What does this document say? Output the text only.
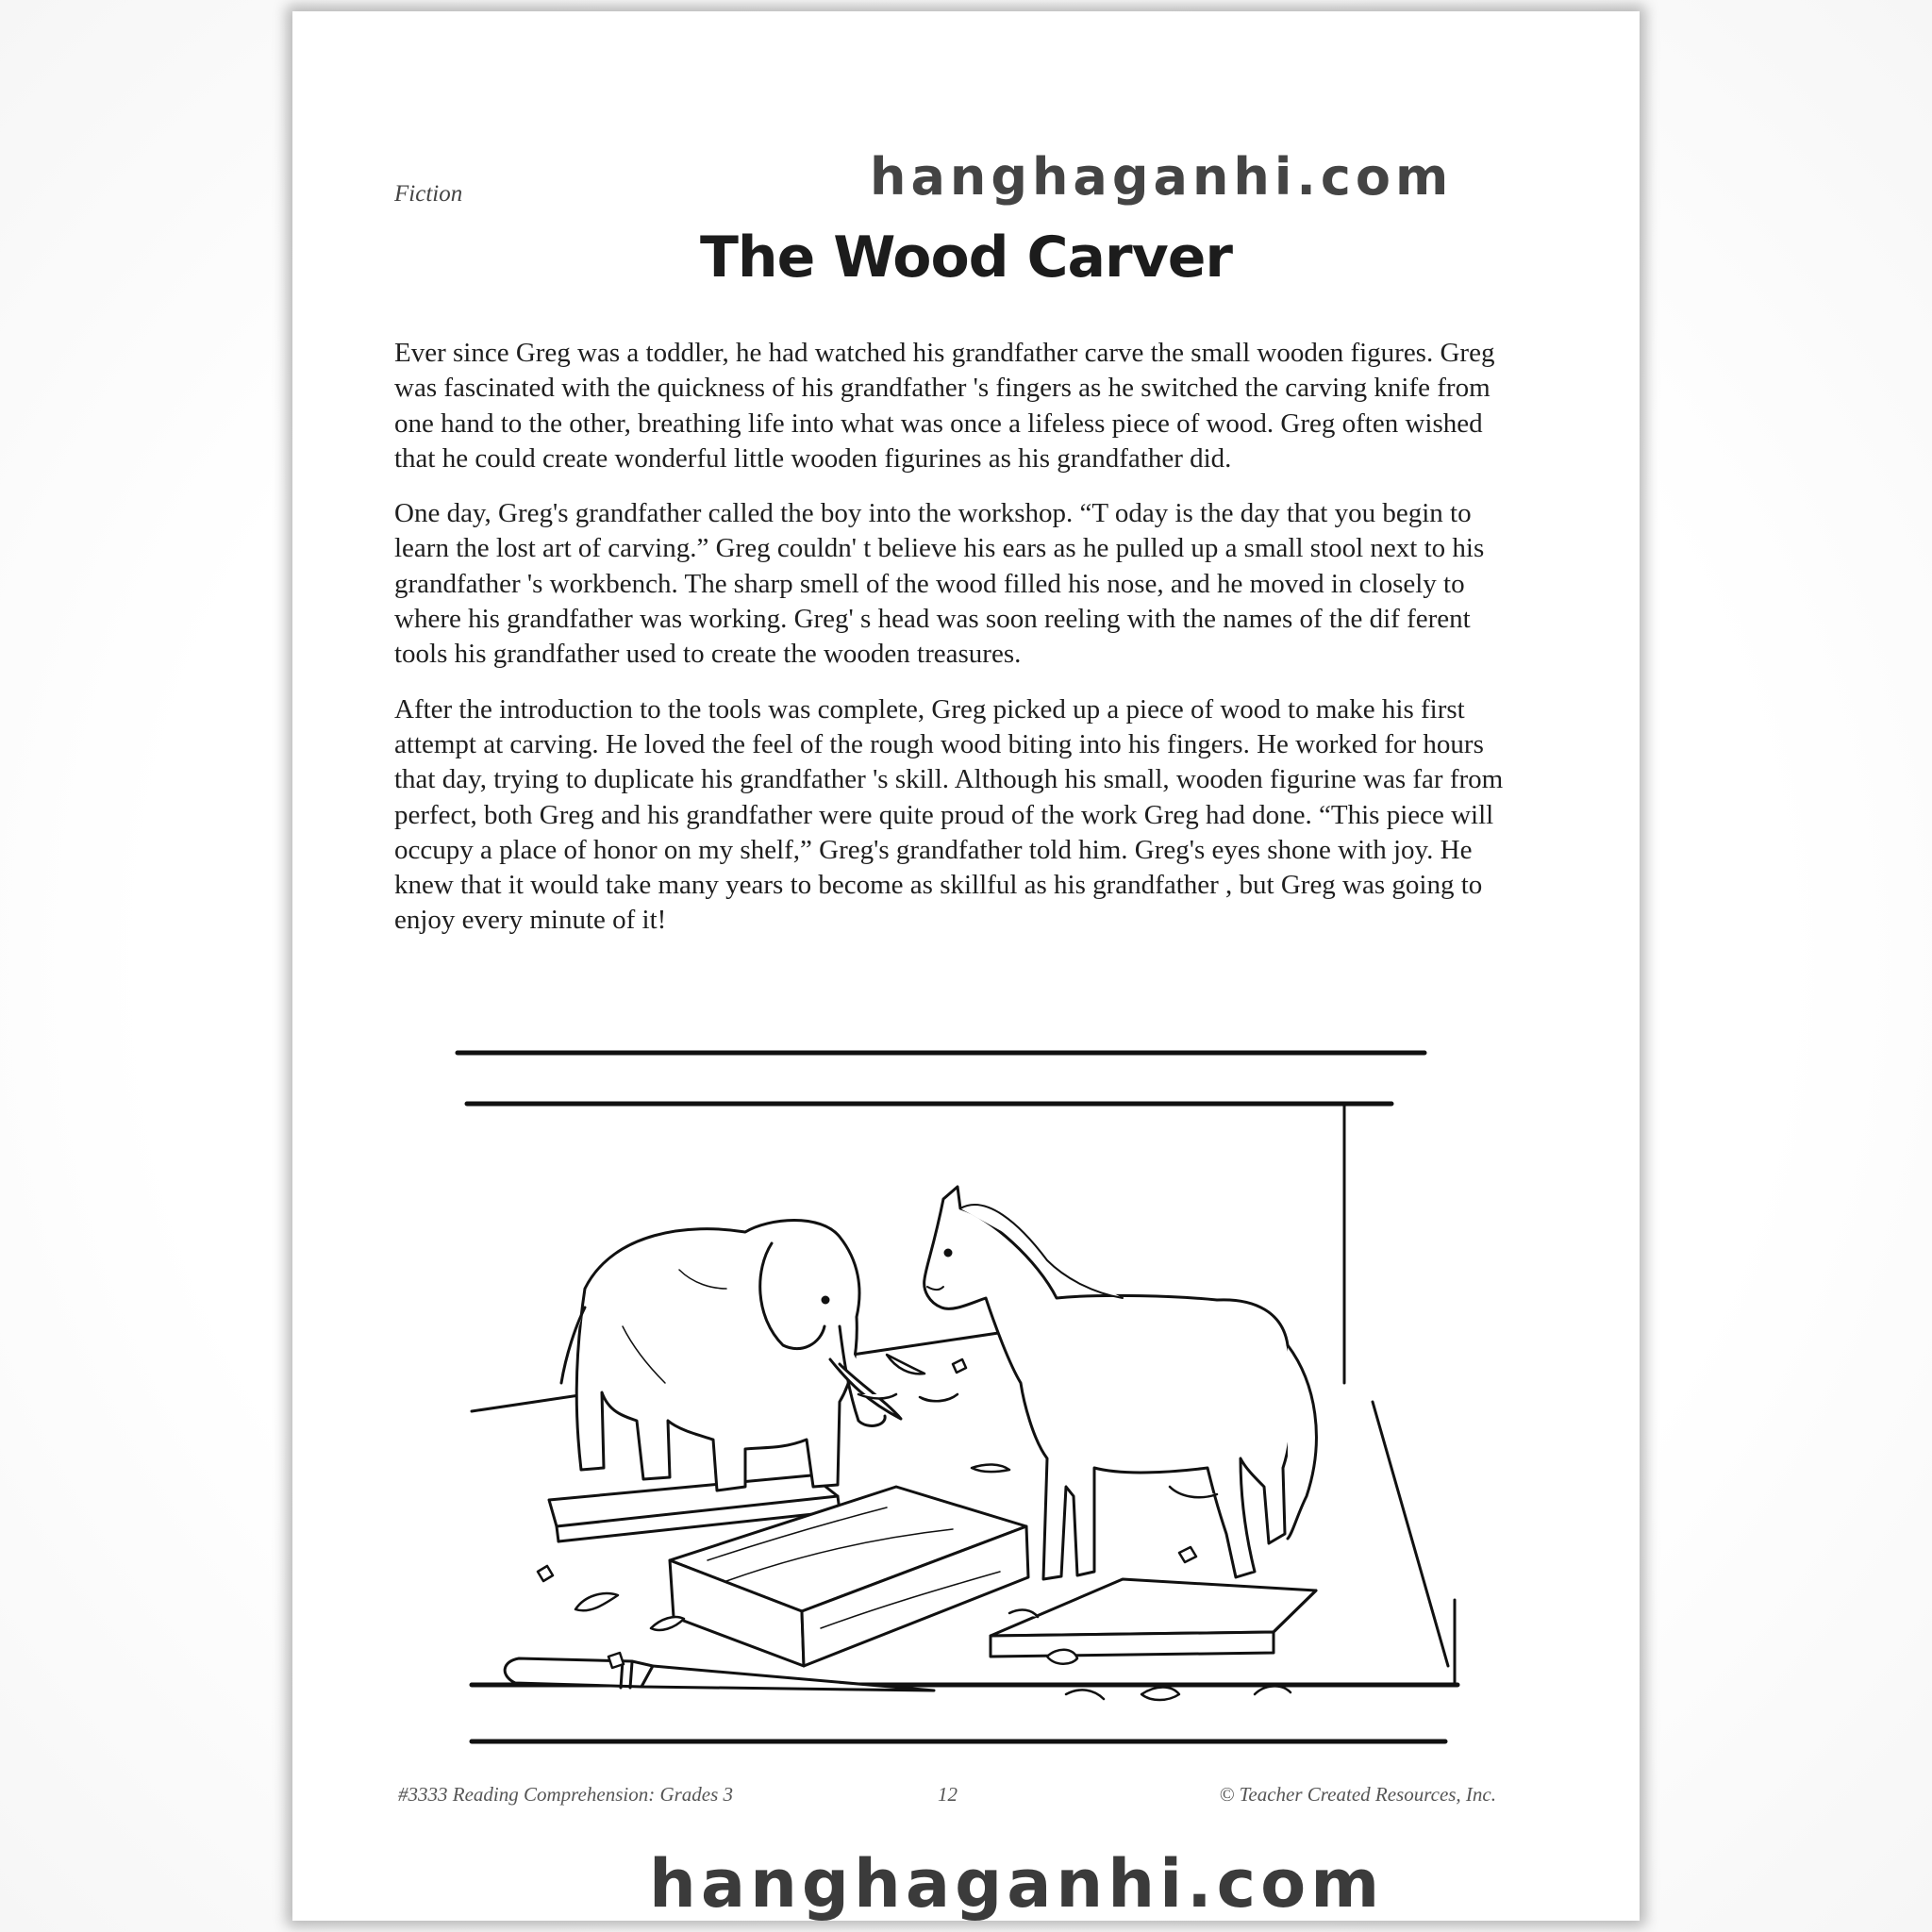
hanghaganhi.com
Fiction
The Wood Carver

Ever since Greg was a toddler, he had watched his grandfather carve the small wooden figures. Greg was fascinated with the quickness of his grandfather 's fingers as he switched the carving knife from one hand to the other, breathing life into what was once a lifeless piece of wood. Greg often wished that he could create wonderful little wooden figurines as his grandfather did.

One day, Greg's grandfather called the boy into the workshop. “T oday is the day that you begin to learn the lost art of carving.” Greg couldn' t believe his ears as he pulled up a small stool next to his grandfather 's workbench. The sharp smell of the wood filled his nose, and he moved in closely to where his grandfather was working. Greg' s head was soon reeling with the names of the dif ferent tools his grandfather used to create the wooden treasures.

After the introduction to the tools was complete, Greg picked up a piece of wood to make his first attempt at carving. He loved the feel of the rough wood biting into his fingers. He worked for hours that day, trying to duplicate his grandfather 's skill. Although his small, wooden figurine was far from perfect, both Greg and his grandfather were quite proud of the work Greg had done. “This piece will occupy a place of honor on my shelf,” Greg's grandfather told him. Greg's eyes shone with joy. He knew that it would take many years to become as skillful as his grandfather , but Greg was going to enjoy every minute of it!

#3333 Reading Comprehension: Grades 3	12	© Teacher Created Resources, Inc.
hanghaganhi.com
